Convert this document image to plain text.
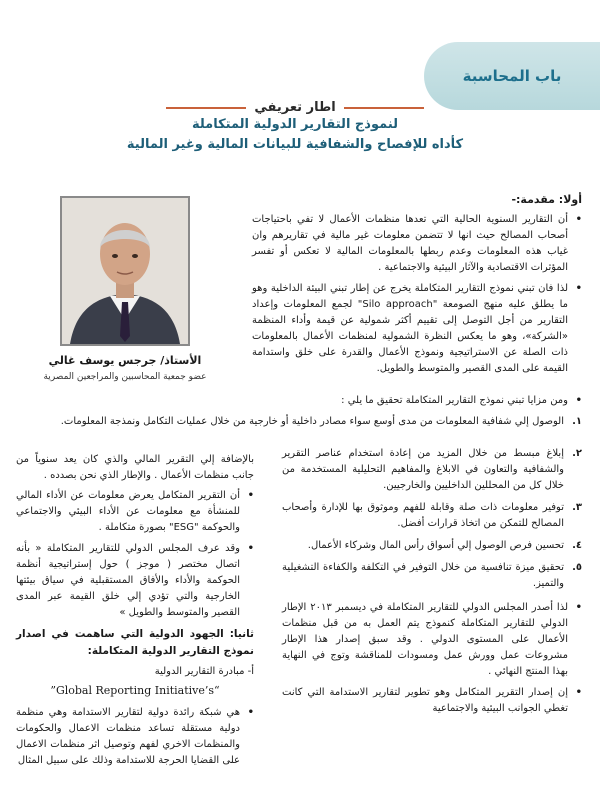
باب المحاسبة
اطار تعريفي
لنموذج التقارير الدولية المتكاملة
كأداه للإفصاح والشفافية للبيانات المالية وغير المالية
أولا: مقدمة:-
• أن التقارير السنوية الحالية التي تعدها منظمات الأعمال لا تفي باحتياجات أصحاب المصالح حيث انها لا تتضمن معلومات غير مالية في تقاريرهم وان غياب هذه المعلومات وعدم ربطها بالمعلومات المالية لا تعكس أو تفسر المؤثرات الاقتصادية والآثار البيئية والاجتماعية .
• لذا فان تبني نموذج التقارير المتكاملة يخرج عن إطار تبني البيئة الداخلية وهو ما يطلق عليه منهج الصومعة "Silo approach" لجمع المعلومات وإعداد التقارير من أجل التوصل إلى تقييم أكثر شمولية عن قيمة وأداء المنظمة «الشركة»، وهو ما يعكس النظرة الشمولية لمنظمات الأعمال بالمعلومات ذات الصلة عن الاستراتيجية ونموذج الأعمال والقدرة على خلق واستدامة القيمة على المدى القصير والمتوسط والطويل.
الأستاذ/ جرجس يوسف غالي
عضو جمعية المحاسبين والمراجعين المصرية
• ومن مزايا تبني نموذج التقارير المتكاملة تحقيق ما يلي :
١.
الوصول إلي شفافية المعلومات من مدى أوسع سواء مصادر داخلية أو خارجية من خلال عمليات التكامل ونمذجة المعلومات.
٢.
إبلاغ مبسط من خلال المزيد من إعادة استخدام عناصر التقرير والشفافية والتعاون في الابلاغ والمفاهيم التحليلية المستخدمة من خلال كل من المحللين الداخليين والخارجيين.
٣.
توفير معلومات ذات صلة وقابلة للفهم وموثوق بها للإدارة وأصحاب المصالح للتمكن من اتخاذ قرارات أفضل.
٤.
تحسين فرص الوصول إلي أسواق رأس المال وشركاء الأعمال.
٥.
تحقيق ميزة تنافسية من خلال التوفير في التكلفة والكفاءة التشغيلية والتميز.
• لذا أصدر المجلس الدولي للتقارير المتكاملة في ديسمبر ٢٠١٣ الإطار الدولي للتقارير المتكاملة كنموذج يتم العمل به من قبل منظمات الأعمال على المستوى الدولي . وقد سبق إصدار هذا الإطار مشروعات عمل وورش عمل ومسودات للمناقشة وتوج في النهاية بهذا المنتج النهائي .
• إن إصدار التقرير المتكامل وهو تطوير لتقارير الاستدامة التي كانت تغطي الجوانب البيئية والاجتماعية

بالإضافة إلي التقرير المالي والذي كان يعد سنوياً من جانب منظمات الأعمال . والإطار الذي نحن بصدده .

• أن التقرير المتكامل يعرض معلومات عن الأداء المالي للمنشأة مع معلومات عن الأداء البيئي والاجتماعي والحوكمة "ESG" بصورة متكاملة .
• وقد عرف المجلس الدولي للتقارير المتكاملة « بأنه اتصال مختصر ( موجز ) حول إستراتيجية أنظمة الحوكمة والأداء والأفاق المستقبلية في سياق بيئتها الخارجية والتي تؤدي إلي خلق القيمة عبر المدى القصير والمتوسط والطويل »
ثانيا: الجهود الدولية التي ساهمت في اصدار نموذج التقارير الدولية المتكاملة:

أ- مبادرة التقارير الدولية

“Global Reporting Initiative’s”

• هي شبكة رائدة دولية لتقارير الاستدامة وهي منظمة دولية مستقلة تساعد منظمات الاعمال والحكومات والمنظمات الاخري لفهم وتوصيل اثر منظمات الاعمال على القضايا الحرجة للاستدامة وذلك على سبيل المثال
